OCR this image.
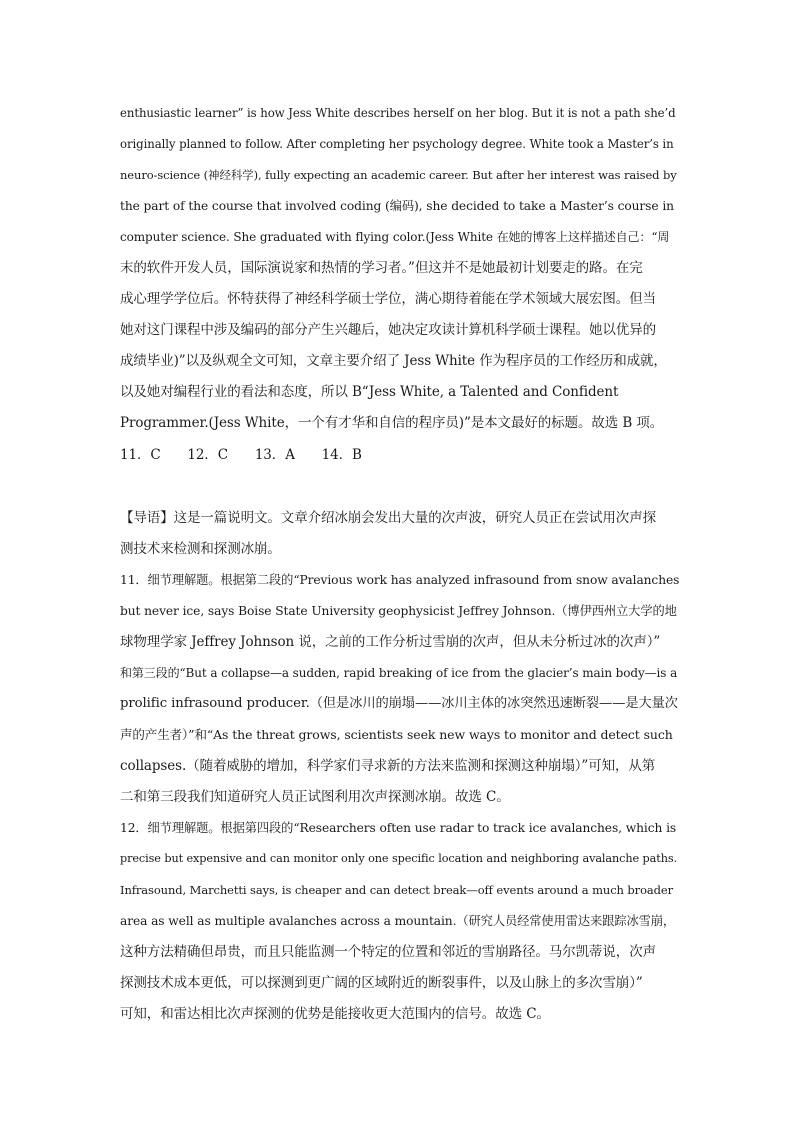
enthusiastic learner” is how Jess White describes herself on her blog. But it is not a path she’d
originally planned to follow. After completing her psychology degree. White took a Master’s in
neuro-science (神经科学), fully expecting an academic career. But after her interest was raised by
the part of the course that involved coding (编码), she decided to take a Master’s course in
computer science. She graduated with flying color.(Jess White 在她的博客上这样描述自己：“周
末的软件开发人员，国际演说家和热情的学习者。”但这并不是她最初计划要走的路。在完
成心理学学位后。怀特获得了神经科学硕士学位，满心期待着能在学术领域大展宏图。但当
她对这门课程中涉及编码的部分产生兴趣后，她决定攻读计算机科学硕士课程。她以优异的
成绩毕业)”以及纵观全文可知，文章主要介绍了 Jess White 作为程序员的工作经历和成就，
以及她对编程行业的看法和态度，所以 B“Jess White, a Talented and Confident
Programmer.(Jess White，一个有才华和自信的程序员)”是本文最好的标题。故选 B 项。
11．C　　12．C　　13．A　　14．B
【导语】这是一篇说明文。文章介绍冰崩会发出大量的次声波，研究人员正在尝试用次声探
测技术来检测和探测冰崩。
11．细节理解题。根据第二段的“Previous work has analyzed infrasound from snow avalanches
but never ice, says Boise State University geophysicist Jeffrey Johnson.（博伊西州立大学的地
球物理学家 Jeffrey Johnson 说，之前的工作分析过雪崩的次声，但从未分析过冰的次声）”
和第三段的“But a collapse—a sudden, rapid breaking of ice from the glacier’s main body—is a
prolific infrasound producer.（但是冰川的崩塌——冰川主体的冰突然迅速断裂——是大量次
声的产生者）”和“As the threat grows, scientists seek new ways to monitor and detect such
collapses.（随着威胁的增加，科学家们寻求新的方法来监测和探测这种崩塌）”可知，从第
二和第三段我们知道研究人员正试图利用次声探测冰崩。故选 C。
12．细节理解题。根据第四段的“Researchers often use radar to track ice avalanches, which is
precise but expensive and can monitor only one specific location and neighboring avalanche paths.
Infrasound, Marchetti says, is cheaper and can detect break—off events around a much broader
area as well as multiple avalanches across a mountain.（研究人员经常使用雷达来跟踪冰雪崩，
这种方法精确但昂贵，而且只能监测一个特定的位置和邻近的雪崩路径。马尔凯蒂说，次声
探测技术成本更低，可以探测到更广阔的区域附近的断裂事件，以及山脉上的多次雪崩）”
可知，和雷达相比次声探测的优势是能接收更大范围内的信号。故选 C。
